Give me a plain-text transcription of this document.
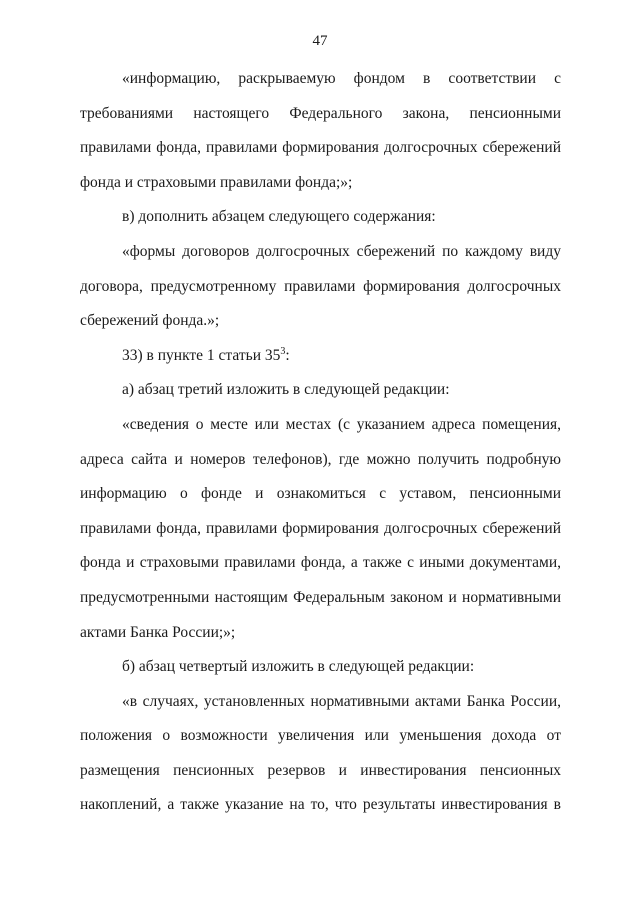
47

«информацию, раскрываемую фондом в соответствии с требованиями настоящего Федерального закона, пенсионными правилами фонда, правилами формирования долгосрочных сбережений фонда и страховыми правилами фонда;»;

в) дополнить абзацем следующего содержания:

«формы договоров долгосрочных сбережений по каждому виду договора, предусмотренному правилами формирования долгосрочных сбережений фонда.»;

33) в пункте 1 статьи $35^3$:

а) абзац третий изложить в следующей редакции:

«сведения о месте или местах (с указанием адреса помещения, адреса сайта и номеров телефонов), где можно получить подробную информацию о фонде и ознакомиться с уставом, пенсионными правилами фонда, правилами формирования долгосрочных сбережений фонда и страховыми правилами фонда, а также с иными документами, предусмотренными настоящим Федеральным законом и нормативными актами Банка России;»;

б) абзац четвертый изложить в следующей редакции:

«в случаях, установленных нормативными актами Банка России, положения о возможности увеличения или уменьшения дохода от размещения пенсионных резервов и инвестирования пенсионных накоплений, а также указание на то, что результаты инвестирования в
